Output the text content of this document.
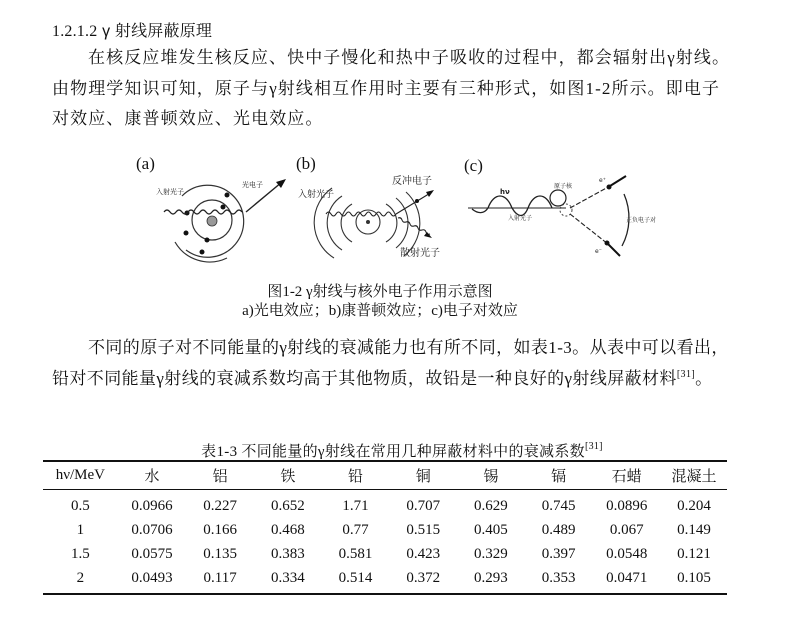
1.2.1.2 γ 射线屏蔽原理
在核反应堆发生核反应、快中子慢化和热中子吸收的过程中，都会辐射出γ射线。由物理学知识可知，原子与γ射线相互作用时主要有三种形式，如图1-2所示。即电子对效应、康普顿效应、光电效应。
(a)
入射光子
光电子
(b)
入射光子
反冲电子
散射光子
(c)
hν
入射光子
原子核
e⁺
e⁻
正负电子对
图1-2 γ射线与核外电子作用示意图
a)光电效应；b)康普顿效应；c)电子对效应
不同的原子对不同能量的γ射线的衰减能力也有所不同，如表1-3。从表中可以看出，铅对不同能量γ射线的衰减系数均高于其他物质，故铅是一种良好的γ射线屏蔽材料[31]。
表1-3 不同能量的γ射线在常用几种屏蔽材料中的衰减系数[31]
hν/MeV	水	铝	铁	铅	铜	锡	镉	石蜡	混凝土
0.5	0.0966	0.227	0.652	1.71	0.707	0.629	0.745	0.0896	0.204
1	0.0706	0.166	0.468	0.77	0.515	0.405	0.489	0.067	0.149
1.5	0.0575	0.135	0.383	0.581	0.423	0.329	0.397	0.0548	0.121
2	0.0493	0.117	0.334	0.514	0.372	0.293	0.353	0.0471	0.105
